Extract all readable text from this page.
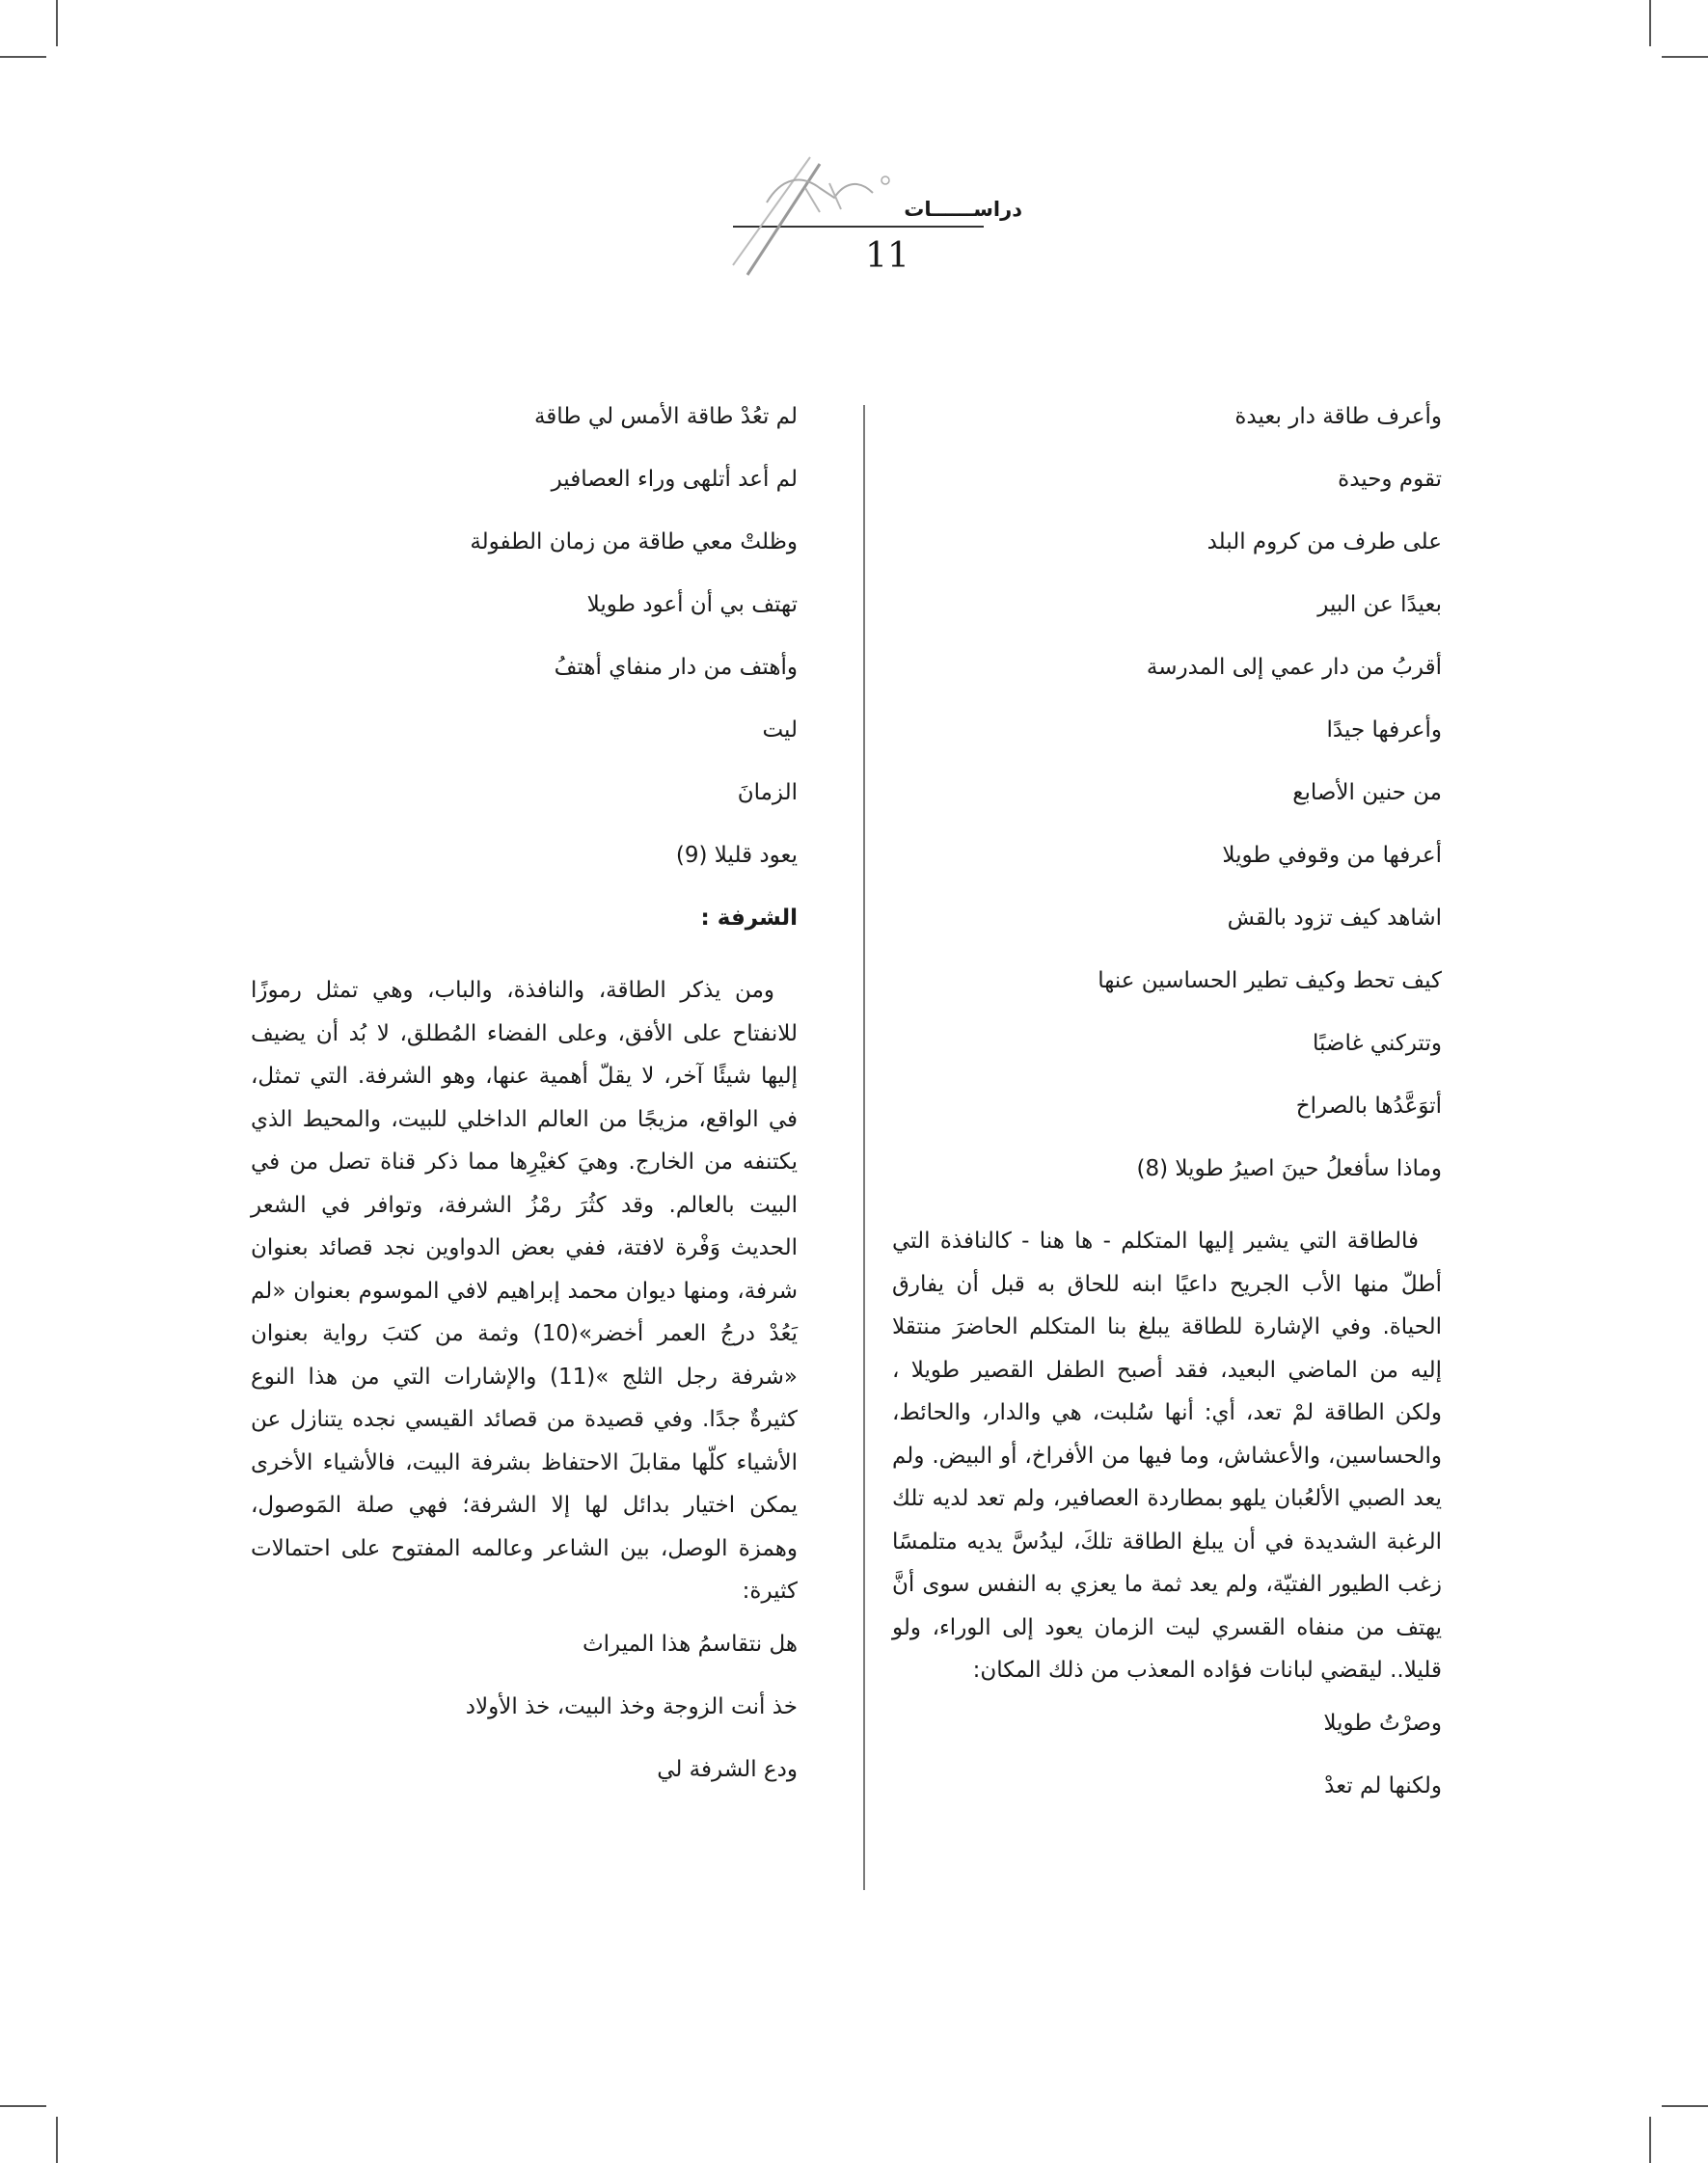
دراســــــات
11
وأعرف طاقة دار بعيدة
تقوم وحيدة
على طرف من كروم البلد
بعيدًا عن البير
أقربُ من دار عمي إلى المدرسة
وأعرفها جيدًا
من حنين الأصابع
أعرفها من وقوفي طويلا
اشاهد كيف تزود بالقش
كيف تحط وكيف تطير الحساسين عنها
وتتركني غاضبًا
أتوَعَّدُها بالصراخ
وماذا سأفعلُ حينَ اصيرُ طويلا (8)

فالطاقة التي يشير إليها المتكلم - ها هنا - كالنافذة التي أطلّ منها الأب الجريح داعيًا ابنه للحاق به قبل أن يفارق الحياة. وفي الإشارة للطاقة يبلغ بنا المتكلم الحاضرَ منتقلا إليه من الماضي البعيد، فقد أصبح الطفل القصير طويلا ، ولكن الطاقة لمْ تعد، أي: أنها سُلبت، هي والدار، والحائط، والحساسين، والأعشاش، وما فيها من الأفراخ، أو البيض. ولم يعد الصبي الألعُبان يلهو بمطاردة العصافير، ولم تعد لديه تلك الرغبة الشديدة في أن يبلغ الطاقة تلكَ، ليدُسَّ يديه متلمسًا زغب الطيور الفتيّة، ولم يعد ثمة ما يعزي به النفس سوى أنَّ يهتف من منفاه القسري ليت الزمان يعود إلى الوراء، ولو قليلا.. ليقضي لبانات فؤاده المعذب من ذلك المكان:

وصرْتُ طويلا
ولكنها لم تعدْ
لم تعُدْ طاقة الأمس لي طاقة
لم أعد أتلهى وراء العصافير
وظلتْ معي طاقة من زمان الطفولة
تهتف بي أن أعود طويلا
وأهتف من دار منفاي أهتفُ
ليت
الزمانَ
يعود قليلا (9)
الشرفة :

ومن يذكر الطاقة، والنافذة، والباب، وهي تمثل رموزًا للانفتاح على الأفق، وعلى الفضاء المُطلق، لا بُد أن يضيف إليها شيئًا آخر، لا يقلّ أهمية عنها، وهو الشرفة. التي تمثل، في الواقع، مزيجًا من العالم الداخلي للبيت، والمحيط الذي يكتنفه من الخارج. وهيَ كغيْرِها مما ذكر قناة تصل من في البيت بالعالم. وقد كثُرَ رمْزُ الشرفة، وتوافر في الشعر الحديث وَفْرة لافتة، ففي بعض الدواوين نجد قصائد بعنوان شرفة، ومنها ديوان محمد إبراهيم لافي الموسوم بعنوان «لم يَعُدْ درجُ العمر أخضر»(10) وثمة من كتبَ رواية بعنوان «شرفة رجل الثلج »(11) والإشارات التي من هذا النوع كثيرةٌ جدًا. وفي قصيدة من قصائد القيسي نجده يتنازل عن الأشياء كلّها مقابلَ الاحتفاظ بشرفة البيت، فالأشياء الأخرى يمكن اختيار بدائل لها إلا الشرفة؛ فهي صلة المَوصول، وهمزة الوصل، بين الشاعر وعالمه المفتوح على احتمالات كثيرة:

هل نتقاسمُ هذا الميراث
خذ أنت الزوجة وخذ البيت، خذ الأولاد
ودع الشرفة لي
